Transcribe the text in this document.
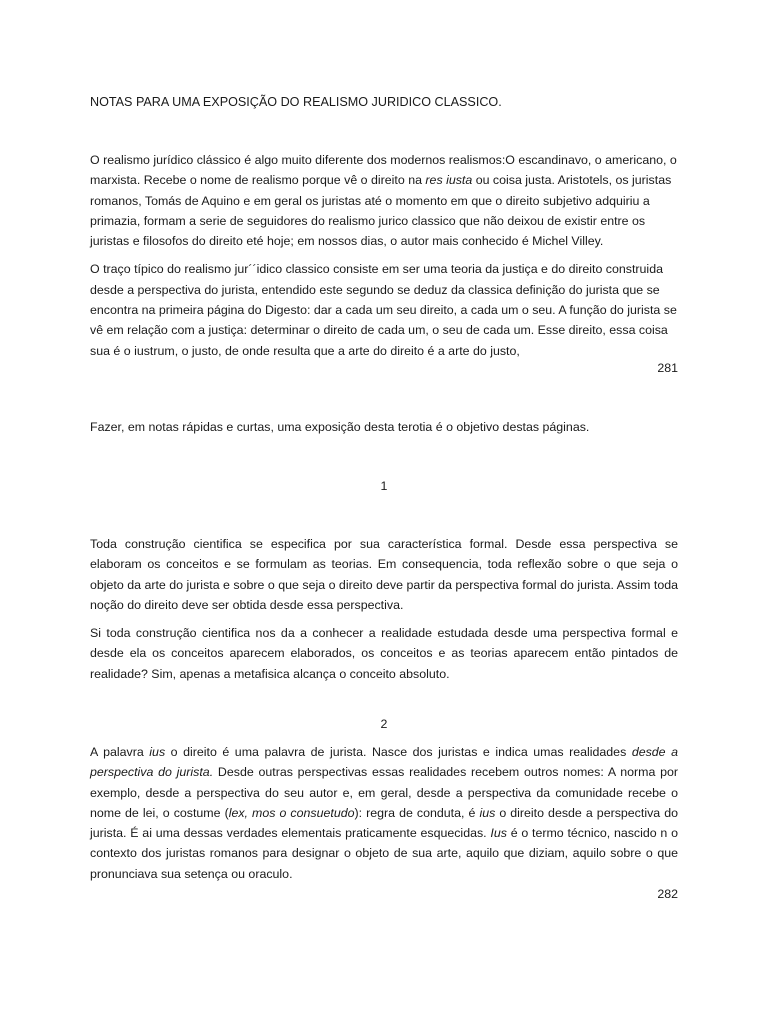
NOTAS PARA UMA EXPOSIÇÃO DO REALISMO JURIDICO CLASSICO.

O realismo jurídico clássico é algo muito diferente dos modernos realismos:O escandinavo, o americano, o marxista. Recebe o nome de realismo porque vê o direito na res iusta ou coisa justa. Aristotels, os juristas romanos, Tomás de Aquino e em geral os juristas até o momento em que o direito subjetivo adquiriu a primazia, formam a serie de seguidores do realismo jurico classico que não deixou de existir entre os juristas e filosofos do direito eté hoje; em nossos dias, o autor mais conhecido é Michel Villey.

O traço típico do realismo jur´´idico classico consiste em ser uma teoria da justiça e do direito construida desde a perspectiva do jurista, entendido este segundo se deduz da classica definição do jurista que se encontra na primeira página do Digesto: dar a cada um seu direito, a cada um o seu. A função do jurista se vê em relação com a justiça: determinar o direito de cada um, o seu de cada um. Esse direito, essa coisa sua é o iustrum, o justo, de onde resulta que a arte do direito é a arte do justo,

281

Fazer, em notas rápidas e curtas, uma exposição desta terotia é o objetivo destas páginas.

1

Toda construção cientifica se especifica por sua característica formal. Desde essa perspectiva se elaboram os conceitos e se formulam as teorias. Em consequencia, toda reflexão sobre o que seja o objeto da arte do jurista e sobre o que seja o direito deve partir da perspectiva formal do jurista. Assim toda noção do direito deve ser obtida desde essa perspectiva.

Si toda construção cientifica nos da a conhecer a realidade estudada desde uma perspectiva formal e desde ela os conceitos aparecem elaborados, os conceitos e as teorias aparecem então pintados de realidade? Sim, apenas a metafisica alcança o conceito absoluto.

2

A palavra ius o direito é uma palavra de jurista. Nasce dos juristas e indica umas realidades desde a perspectiva do jurista. Desde outras perspectivas essas realidades recebem outros nomes: A norma por exemplo, desde a perspectiva do seu autor e, em geral, desde a perspectiva da comunidade recebe o nome de lei, o costume (lex, mos o consuetudo): regra de conduta, é ius o direito desde a perspectiva do jurista. É ai uma dessas verdades elementais praticamente esquecidas. Ius é o termo técnico, nascido n o contexto dos juristas romanos para designar o objeto de sua arte, aquilo que diziam, aquilo sobre o que pronunciava sua setença ou oraculo.

282
